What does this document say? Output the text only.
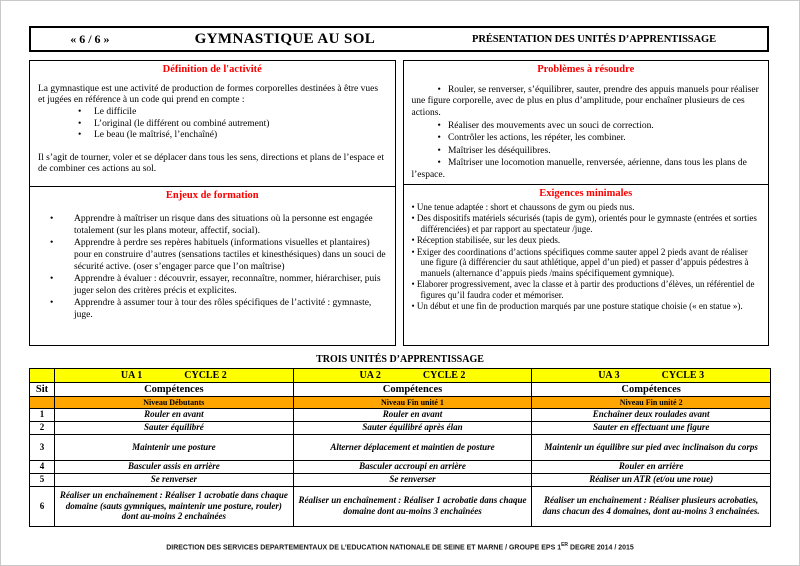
« 6 / 6 »	GYMNASTIQUE AU SOL	PRÉSENTATION DES UNITÉS D’APPRENTISSAGE
Définition de l'activité

La gymnastique est une activité de production de formes corporelles destinées à être vues et jugées en référence à un code qui prend en compte :

• Le difficile
• L’original (le différent ou combiné autrement)
• Le beau (le maîtrisé, l’enchaîné)

Il s’agit de tourner, voler et se déplacer dans tous les sens, directions et plans de l’espace et de combiner ces actions au sol.

Enjeux de formation
• Apprendre à maîtriser un risque dans des situations où la personne est engagée totalement (sur les plans moteur, affectif, social).
• Apprendre à perdre ses repères habituels (informations visuelles et plantaires) pour en construire d’autres (sensations tactiles et kinesthésiques) dans un souci de sécurité active. (oser s’engager parce que l’on maîtrise)
• Apprendre à évaluer : découvrir, essayer, reconnaître, nommer, hiérarchiser, puis juger selon des critères précis et explicites.
• Apprendre à assumer tour à tour des rôles spécifiques de l’activité : gymnaste, juge.
Problèmes à résoudre

•   Rouler, se renverser, s’équilibrer, sauter, prendre des appuis manuels pour réaliser une figure corporelle, avec de plus en plus d’amplitude, pour enchaîner plusieurs de ces actions.

•   Réaliser des mouvements avec un souci de correction.

•   Contrôler les actions, les répéter, les combiner.

•   Maîtriser les déséquilibres.

•   Maîtriser une locomotion manuelle, renversée, aérienne, dans tous les plans de l’espace.

Exigences minimales
• Une tenue adaptée : short et chaussons de gym ou pieds nus.
• Des dispositifs matériels sécurisés (tapis de gym), orientés pour le gymnaste (entrées et sorties différenciées) et par rapport au spectateur /juge.
• Réception stabilisée, sur les deux pieds.
• Exiger des coordinations d’actions spécifiques comme sauter appel 2 pieds avant de réaliser une figure (à différencier du saut athlétique, appel d’un pied) et passer d’appuis pédestres à manuels (alternance d’appuis pieds /mains spécifiquement gymnique).
• Elaborer progressivement, avec la classe et à partir des productions d’élèves, un référentiel de figures qu’il faudra coder et mémoriser.
• Un début et une fin de production marqués par une posture statique choisie (« en statue »).
TROIS UNITÉS D’APPRENTISSAGE

	UA 1 CYCLE 2	UA 2 CYCLE 2	UA 3 CYCLE 3

Sit	Compétences	Compétences	Compétences
	Niveau Débutants	Niveau Fin unité 1	Niveau Fin unité 2
1	Rouler en avant	Rouler en avant	Enchaîner deux roulades avant
2	Sauter équilibré	Sauter équilibré après élan	Sauter en effectuant une figure
3	Maintenir une posture	Alterner déplacement et maintien de posture	Maintenir un équilibre sur pied avec inclinaison du corps
4	Basculer assis en arrière	Basculer accroupi en arrière	Rouler en arrière
5	Se renverser	Se renverser	Réaliser un ATR (et/ou une roue)
6	Réaliser un enchaînement : Réaliser 1 acrobatie dans chaque domaine (sauts gymniques, maintenir une posture, rouler) dont au-moins 2 enchaînées	Réaliser un enchaînement : Réaliser 1 acrobatie dans chaque domaine dont au-moins 3 enchaînées	Réaliser un enchaînement : Réaliser plusieurs acrobaties, dans chacun des 4 domaines, dont au-moins 3 enchaînées.
DIRECTION DES SERVICES DEPARTEMENTAUX DE L’EDUCATION NATIONALE DE SEINE ET MARNE / GROUPE EPS 1ER DEGRE 2014 / 2015
